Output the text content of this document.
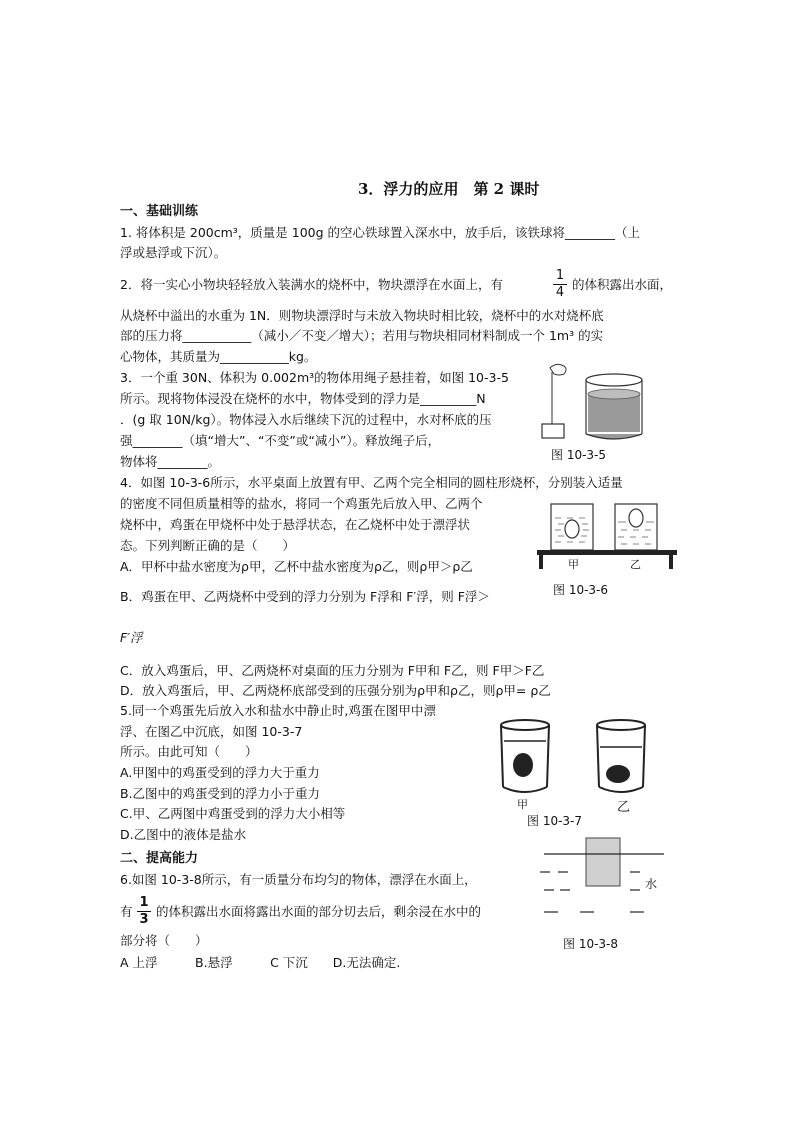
3．浮力的应用　第 2 课时
一、基础训练
1. 将体积是 200cm³，质量是 100g 的空心铁球置入深水中，放手后，该铁球将________（上
浮或悬浮或下沉）。
2．将一实心小物块轻轻放入装满水的烧杯中，物块漂浮在水面上，有
1
4
的体积露出水面，
从烧杯中溢出的水重为 1N．则物块漂浮时与未放入物块时相比较，烧杯中的水对烧杯底
部的压力将___________（减小／不变／增大）；若用与物块相同材料制成一个 1m³ 的实
心物体，其质量为___________kg。
3．一个重 30N、体积为 0.002m³的物体用绳子悬挂着，如图 10-3-5
所示。现将物体浸没在烧杯的水中，物体受到的浮力是_________N
．(g 取 10N/kg）。物体浸入水后继续下沉的过程中，水对杯底的压
强________（填“增大”、“不变”或“减小”）。释放绳子后，
物体将________。	图 10-3-5
4．如图 10-3-6所示，水平桌面上放置有甲、乙两个完全相同的圆柱形烧杯，分别装入适量
的密度不同但质量相等的盐水，将同一个鸡蛋先后放入甲、乙两个
烧杯中，鸡蛋在甲烧杯中处于悬浮状态，在乙烧杯中处于漂浮状
态。下列判断正确的是（　　）
A．甲杯中盐水密度为ρ甲，乙杯中盐水密度为ρ乙，则ρ甲＞ρ乙
B．鸡蛋在甲、乙两烧杯中受到的浮力分别为 F浮和 F′浮，则 F浮＞
F′浮
C．放入鸡蛋后，甲、乙两烧杯对桌面的压力分别为 F甲和 F乙，则 F甲＞F乙
D．放入鸡蛋后，甲、乙两烧杯底部受到的压强分别为ρ甲和ρ乙，则ρ甲= ρ乙
甲	乙
图 10-3-6
5.同一个鸡蛋先后放入水和盐水中静止时,鸡蛋在图甲中漂
浮、在图乙中沉底，如图 10-3-7
所示。由此可知（　　）
A.甲图中的鸡蛋受到的浮力大于重力
B.乙图中的鸡蛋受到的浮力小于重力
C.甲、乙两图中鸡蛋受到的浮力大小相等
D.乙图中的液体是盐水
甲	乙
图 10-3-7
二、提高能力
6.如图 10-3-8所示，有一质量分布均匀的物体，漂浮在水面上，
有
1
3
的体积露出水面将露出水面的部分切去后，剩余浸在水中的
部分将（　　）
A 上浮　　　B.悬浮　　　C 下沉　　D.无法确定.
水
图 10-3-8
